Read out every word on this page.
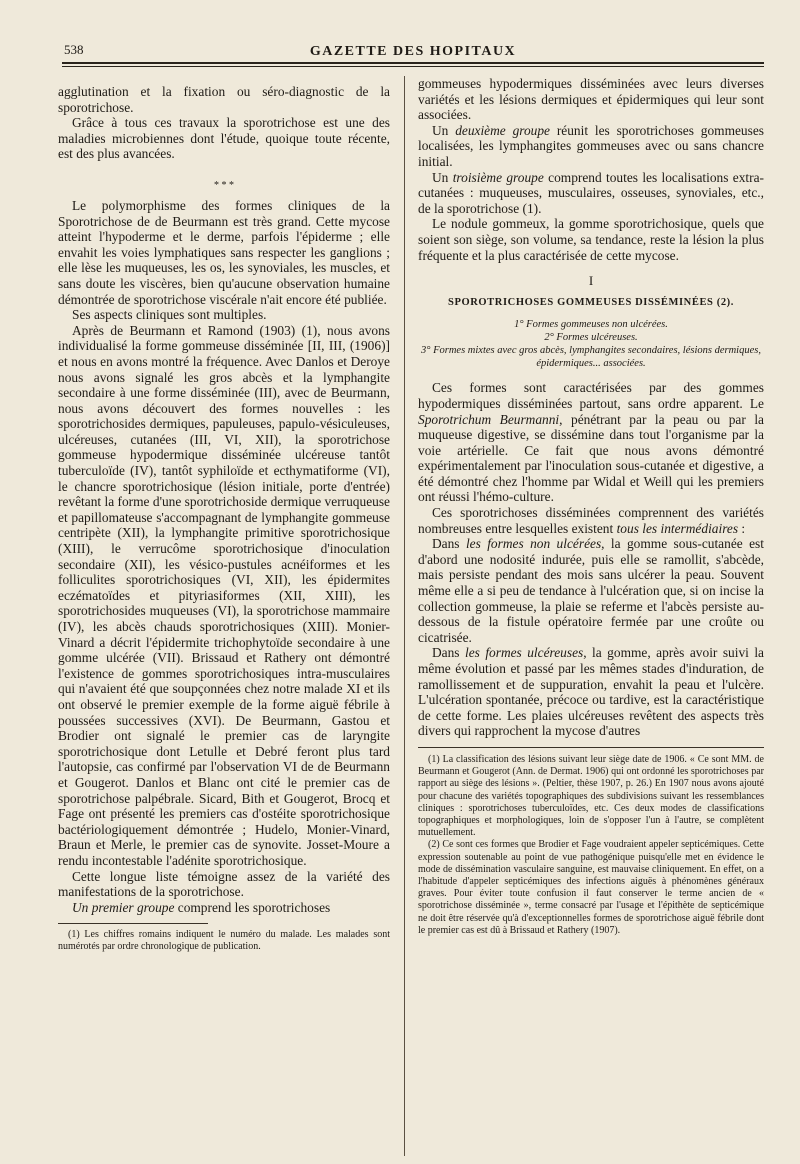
538	GAZETTE DES HOPITAUX

agglutination et la fixation ou séro-diagnostic de la sporotrichose.

Grâce à tous ces travaux la sporotrichose est une des maladies microbiennes dont l'étude, quoique toute récente, est des plus avancées.

* * *

Le polymorphisme des formes cliniques de la Sporotrichose de de Beurmann est très grand. Cette mycose atteint l'hypoderme et le derme, parfois l'épiderme ; elle envahit les voies lymphatiques sans respecter les ganglions ; elle lèse les muqueuses, les os, les synoviales, les muscles, et sans doute les viscères, bien qu'aucune observation humaine démontrée de sporotrichose viscérale n'ait encore été publiée.

Ses aspects cliniques sont multiples.

Après de Beurmann et Ramond (1903) (1), nous avons individualisé la forme gommeuse disséminée [II, III, (1906)] et nous en avons montré la fréquence. Avec Danlos et Deroye nous avons signalé les gros abcès et la lymphangite secondaire à une forme disséminée (III), avec de Beurmann, nous avons découvert des formes nouvelles : les sporotrichosides dermiques, papuleuses, papulo-vésiculeuses, ulcéreuses, cutanées (III, VI, XII), la sporotrichose gommeuse hypodermique disséminée ulcéreuse tantôt tuberculoïde (IV), tantôt syphiloïde et ecthymatiforme (VI), le chancre sporotrichosique (lésion initiale, porte d'entrée) revêtant la forme d'une sporotrichoside dermique verruqueuse et papillomateuse s'accompagnant de lymphangite gommeuse centripète (XII), la lymphangite primitive sporotrichosique (XIII), le verrucôme sporotrichosique d'inoculation secondaire (XII), les vésico-pustules acnéiformes et les folliculites sporotrichosiques (VI, XII), les épidermites eczématoïdes et pityriasiformes (XII, XIII), les sporotrichosides muqueuses (VI), la sporotrichose mammaire (IV), les abcès chauds sporotrichosiques (XIII). Monier-Vinard a décrit l'épidermite trichophytoïde secondaire à une gomme ulcérée (VII). Brissaud et Rathery ont démontré l'existence de gommes sporotrichosiques intra-musculaires qui n'avaient été que soupçonnées chez notre malade XI et ils ont observé le premier exemple de la forme aiguë fébrile à poussées successives (XVI). De Beurmann, Gastou et Brodier ont signalé le premier cas de laryngite sporotrichosique dont Letulle et Debré feront plus tard l'autopsie, cas confirmé par l'observation VI de de Beurmann et Gougerot. Danlos et Blanc ont cité le premier cas de sporotrichose palpébrale. Sicard, Bith et Gougerot, Brocq et Fage ont présenté les premiers cas d'ostéite sporotrichosique bactériologiquement démontrée ; Hudelo, Monier-Vinard, Braun et Merle, le premier cas de synovite. Josset-Moure a rendu incontestable l'adénite sporotrichosique.

Cette longue liste témoigne assez de la variété des manifestations de la sporotrichose.

Un premier groupe comprend les sporotrichoses

(1) Les chiffres romains indiquent le numéro du malade. Les malades sont numérotés par ordre chronologique de publication.

gommeuses hypodermiques disséminées avec leurs diverses variétés et les lésions dermiques et épidermiques qui leur sont associées.

Un deuxième groupe réunit les sporotrichoses gommeuses localisées, les lymphangites gommeuses avec ou sans chancre initial.

Un troisième groupe comprend toutes les localisations extra-cutanées : muqueuses, musculaires, osseuses, synoviales, etc., de la sporotrichose (1).

Le nodule gommeux, la gomme sporotrichosique, quels que soient son siège, son volume, sa tendance, reste la lésion la plus fréquente et la plus caractérisée de cette mycose.

I
SPOROTRICHOSES GOMMEUSES DISSÉMINÉES (2).
1° Formes gommeuses non ulcérées.
2° Formes ulcéreuses.
3° Formes mixtes avec gros abcès, lymphangites secondaires, lésions dermiques, épidermiques... associées.

Ces formes sont caractérisées par des gommes hypodermiques disséminées partout, sans ordre apparent. Le Sporotrichum Beurmanni, pénétrant par la peau ou par la muqueuse digestive, se dissémine dans tout l'organisme par la voie artérielle. Ce fait que nous avons démontré expérimentalement par l'inoculation sous-cutanée et digestive, a été démontré chez l'homme par Widal et Weill qui les premiers ont réussi l'hémo-culture.

Ces sporotrichoses disséminées comprennent des variétés nombreuses entre lesquelles existent tous les intermédiaires :

Dans les formes non ulcérées, la gomme sous-cutanée est d'abord une nodosité indurée, puis elle se ramollit, s'abcède, mais persiste pendant des mois sans ulcérer la peau. Souvent même elle a si peu de tendance à l'ulcération que, si on incise la collection gommeuse, la plaie se referme et l'abcès persiste au-dessous de la fistule opératoire fermée par une croûte ou cicatrisée.

Dans les formes ulcéreuses, la gomme, après avoir suivi la même évolution et passé par les mêmes stades d'induration, de ramollissement et de suppuration, envahit la peau et l'ulcère. L'ulcération spontanée, précoce ou tardive, est la caractéristique de cette forme. Les plaies ulcéreuses revêtent des aspects très divers qui rapprochent la mycose d'autres

(1) La classification des lésions suivant leur siège date de 1906. « Ce sont MM. de Beurmann et Gougerot (Ann. de Dermat. 1906) qui ont ordonné les sporotrichoses par rapport au siège des lésions ». (Peltier, thèse 1907, p. 26.) En 1907 nous avons ajouté pour chacune des variétés topographiques des subdivisions suivant les ressemblances cliniques : sporotrichoses tuberculoïdes, etc. Ces deux modes de classifications topographiques et morphologiques, loin de s'opposer l'un à l'autre, se complètent mutuellement.
(2) Ce sont ces formes que Brodier et Fage voudraient appeler septicémiques. Cette expression soutenable au point de vue pathogénique puisqu'elle met en évidence le mode de dissémination vasculaire sanguine, est mauvaise cliniquement. En effet, on a l'habitude d'appeler septicémiques des infections aiguës à phénomènes généraux graves. Pour éviter toute confusion il faut conserver le terme ancien de « sporotrichose disséminée », terme consacré par l'usage et l'épithète de septicémique ne doit être réservée qu'à d'exceptionnelles formes de sporotrichose aiguë fébrile dont le premier cas est dû à Brissaud et Rathery (1907).
